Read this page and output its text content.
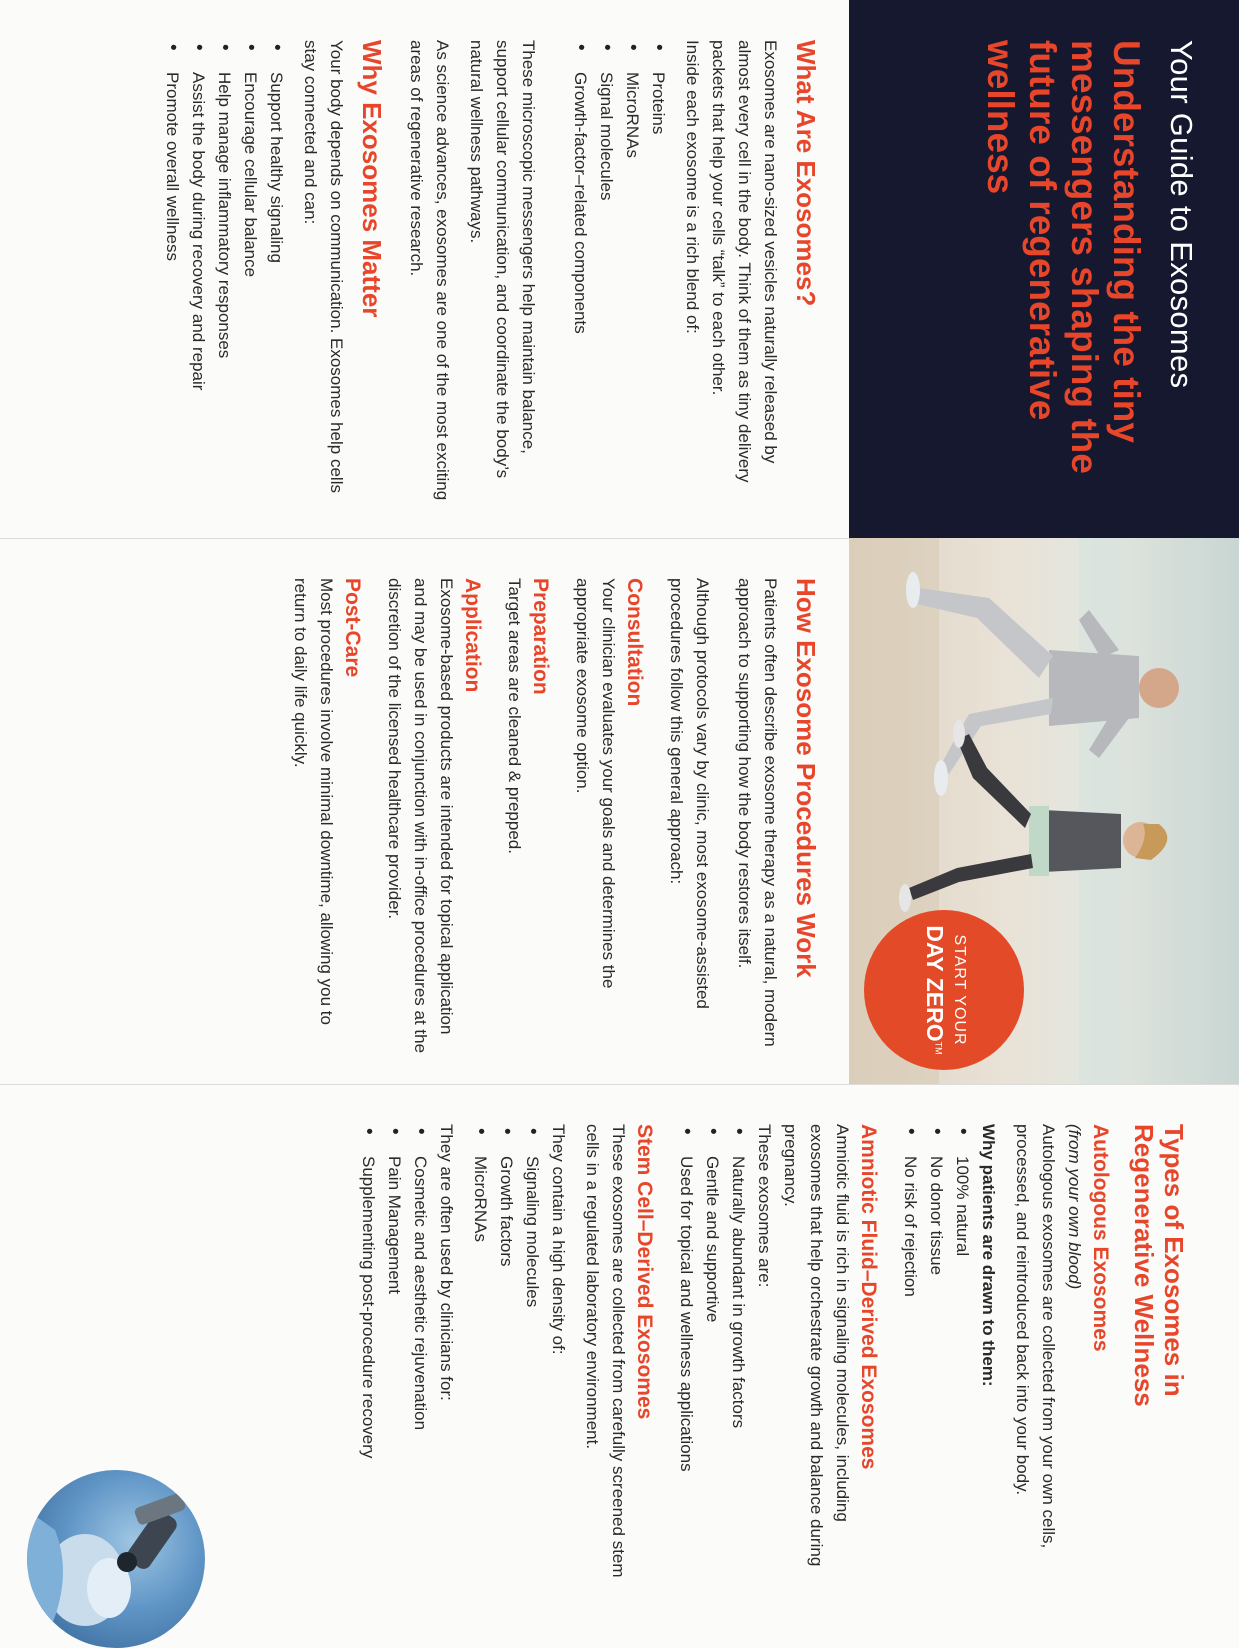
Your Guide to Exosomes
Understanding the tiny messengers shaping the future of regenerative wellness
What Are Exosomes?

Exosomes are nano-sized vesicles naturally released by almost every cell in the body. Think of them as tiny delivery packets that help your cells “talk” to each other.

Inside each exosome is a rich blend of:

• Proteins
• MicroRNAs
• Signal molecules
• Growth-factor–related components

These microscopic messengers help maintain balance, support cellular communication, and coordinate the body’s natural wellness pathways.

As science advances, exosomes are one of the most exciting areas of regenerative research.

Why Exosomes Matter

Your body depends on communication. Exosomes help cells stay connected and can:

• Support healthy signaling
• Encourage cellular balance
• Help manage inflammatory responses
• Assist the body during recovery and repair
• Promote overall wellness
START YOUR
DAY ZERO™
How Exosome Procedures Work

Patients often describe exosome therapy as a natural, modern approach to supporting how the body restores itself.

Although protocols vary by clinic, most exosome-assisted procedures follow this general approach:

Consultation

Your clinician evaluates your goals and determines the appropriate exosome option.

Preparation

Target areas are cleaned & prepped.

Application

Exosome-based products are intended for topical application and may be used in conjunction with in-office procedures at the discretion of the licensed healthcare provider.

Post-Care

Most procedures involve minimal downtime, allowing you to return to daily life quickly.

Types of Exosomes in Regenerative Wellness
Autologous Exosomes

(from your own blood)

Autologous exosomes are collected from your own cells, processed, and reintroduced back into your body.

Why patients are drawn to them:

• 100% natural
• No donor tissue
• No risk of rejection
Amniotic Fluid–Derived Exosomes

Amniotic fluid is rich in signaling molecules, including exosomes that help orchestrate growth and balance during pregnancy.

These exosomes are:

• Naturally abundant in growth factors
• Gentle and supportive
• Used for topical and wellness applications
Stem Cell–Derived Exosomes

These exosomes are collected from carefully screened stem cells in a regulated laboratory environment.

They contain a high density of:

• Signaling molecules
• Growth factors
• MicroRNAs

They are often used by clinicians for:

• Cosmetic and aesthetic rejuvenation
• Pain Management
• Supplementing post-procedure recovery
